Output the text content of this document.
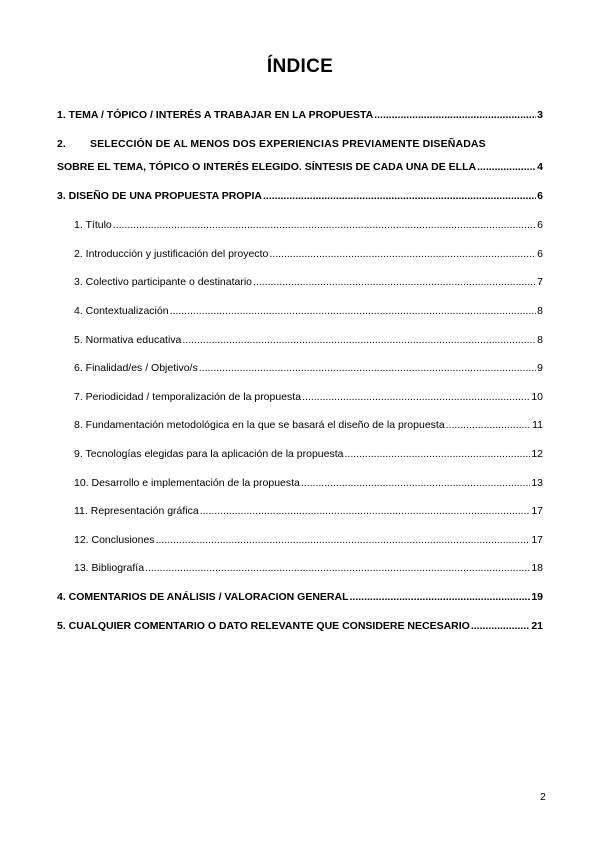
ÍNDICE
1. TEMA / TÓPICO / INTERÉS A TRABAJAR EN LA PROPUESTA .....	3
2. SELECCIÓN DE AL MENOS DOS EXPERIENCIAS PREVIAMENTE DISEÑADAS
SOBRE EL TEMA, TÓPICO O INTERÉS ELEGIDO. SÍNTESIS DE CADA UNA DE ELLA .....	4
3. DISEÑO DE UNA PROPUESTA PROPIA .....	6
1. Título .....	6
2. Introducción y justificación del proyecto .....	6
3. Colectivo participante o destinatario .....	7
4. Contextualización .....	8
5. Normativa educativa .....	8
6. Finalidad/es / Objetivo/s .....	9
7. Periodicidad / temporalización de la propuesta .....	10
8. Fundamentación metodológica en la que se basará el diseño de la propuesta .....	11
9. Tecnologías elegidas para la aplicación de la propuesta .....	12
10. Desarrollo e implementación de la propuesta .....	13
11. Representación gráfica .....	17
12. Conclusiones .....	17
13. Bibliografía .....	18
4. COMENTARIOS DE ANÁLISIS / VALORACION GENERAL .....	19
5. CUALQUIER COMENTARIO O DATO RELEVANTE QUE CONSIDERE NECESARIO .....	21
2
